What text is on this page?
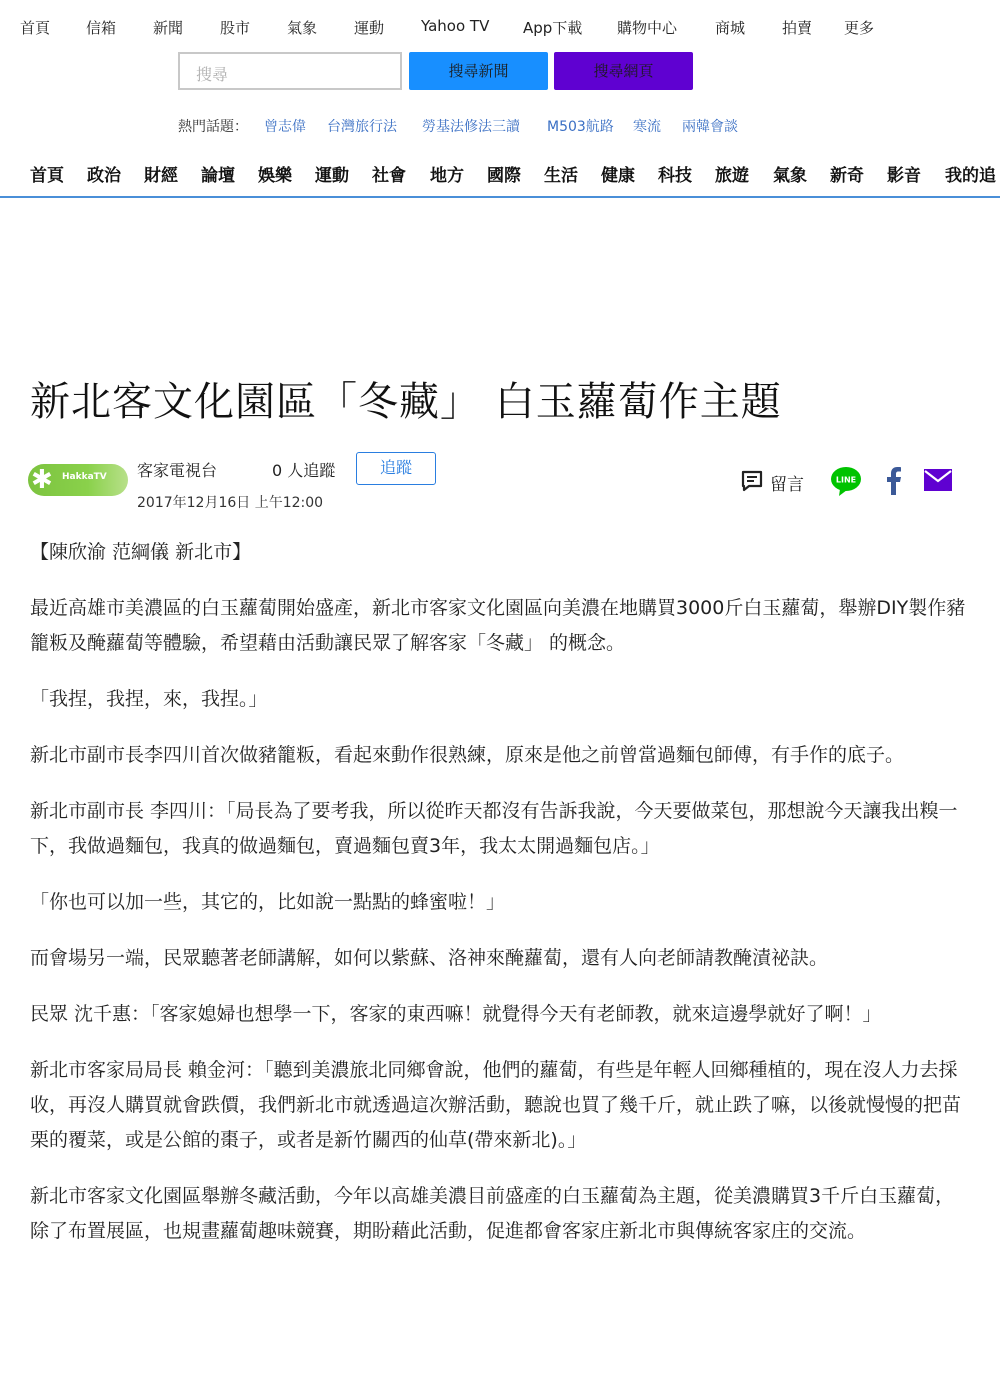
首頁 信箱 新聞 股市 氣象 運動 Yahoo TV App下載 購物中心	商城 拍賣 更多
搜尋	搜尋新聞	搜尋網頁
熱門話題： 曾志偉 台灣旅行法 勞基法修法三讀 M503航路 寒流 兩韓會談
首頁 政治 財經 論壇 娛樂 運動 社會 地方 國際 生活 健康 科技 旅遊 氣象 新奇 影音 我的追
新北客文化園區「冬藏」 白玉蘿蔔作主題
✱ HakkaTV 客家電視台	0 人追蹤	追蹤
2017年12月16日 上午12:00
留言	LINE

【陳欣渝 范綱儀 新北市】

最近高雄市美濃區的白玉蘿蔔開始盛產，新北市客家文化園區向美濃在地購買3000斤白玉蘿蔔，舉辦DIY製作豬籠粄及醃蘿蔔等體驗，希望藉由活動讓民眾了解客家「冬藏」 的概念。

「我捏，我捏，來，我捏。」

新北市副市長李四川首次做豬籠粄，看起來動作很熟練，原來是他之前曾當過麵包師傅，有手作的底子。

新北市副市長 李四川：「局長為了要考我，所以從昨天都沒有告訴我說，今天要做菜包，那想說今天讓我出糗一下，我做過麵包，我真的做過麵包，賣過麵包賣3年，我太太開過麵包店。」

「你也可以加一些，其它的，比如說一點點的蜂蜜啦！」

而會場另一端，民眾聽著老師講解，如何以紫蘇、洛神來醃蘿蔔，還有人向老師請教醃漬祕訣。

民眾 沈千惠：「客家媳婦也想學一下，客家的東西嘛！就覺得今天有老師教，就來這邊學就好了啊！」

新北市客家局局長 賴金河：「聽到美濃旅北同鄉會說，他們的蘿蔔，有些是年輕人回鄉種植的，現在沒人力去採收，再沒人購買就會跌價，我們新北市就透過這次辦活動，聽說也買了幾千斤，就止跌了嘛，以後就慢慢的把苗栗的覆菜，或是公館的棗子，或者是新竹關西的仙草(帶來新北)。」

新北市客家文化園區舉辦冬藏活動，今年以高雄美濃目前盛產的白玉蘿蔔為主題，從美濃購買3千斤白玉蘿蔔，除了布置展區，也規畫蘿蔔趣味競賽，期盼藉此活動，促進都會客家庄新北市與傳統客家庄的交流。
